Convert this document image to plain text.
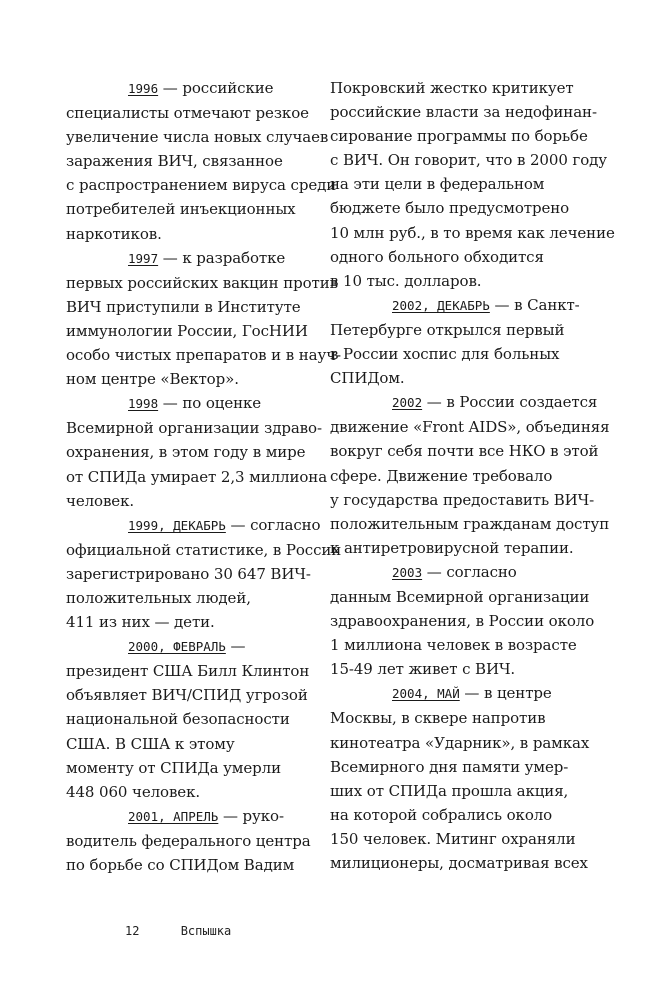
1996 — российские
специалисты отмечают резкое
увеличение числа новых случаев
заражения ВИЧ, связанное
с распространением вируса среди
потребителей инъекционных
наркотиков.
1997 — к разработке
первых российских вакцин против
ВИЧ приступили в Институте
иммунологии России, ГосНИИ
особо чистых препаратов и в науч-
ном центре «Вектор».
1998 — по оценке
Всемирной организации здраво-
охранения, в этом году в мире
от СПИДа умирает 2,3 миллиона
человек.
1999, ДЕКАБРЬ — согласно
официальной статистике, в России
зарегистрировано 30 647 ВИЧ-
положительных людей,
411 из них — дети.
2000, ФЕВРАЛЬ —
президент США Билл Клинтон
объявляет ВИЧ/СПИД угрозой
национальной безопасности
США. В США к этому
моменту от СПИДа умерли
448 060 человек.
2001, АПРЕЛЬ — руко-
водитель федерального центра
по борьбе со СПИДом Вадим
Покровский жестко критикует
российские власти за недофинан-
сирование программы по борьбе
с ВИЧ. Он говорит, что в 2000 году
на эти цели в федеральном
бюджете было предусмотрено
10 млн руб., в то время как лечение
одного больного обходится
в 10 тыс. долларов.
2002, ДЕКАБРЬ — в Санкт-
Петербурге открылся первый
в России хоспис для больных
СПИДом.
2002 — в России создается
движение «Front AIDS», объединяя
вокруг себя почти все НКО в этой
сфере. Движение требовало
у государства предоставить ВИЧ-
положительным гражданам доступ
к антиретровирусной терапии.
2003 — согласно
данным Всемирной организации
здравоохранения, в России около
1 миллиона человек в возрасте
15-49 лет живет с ВИЧ.
2004, МАЙ — в центре
Москвы, в сквере напротив
кинотеатра «Ударник», в рамках
Всемирного дня памяти умер-
ших от СПИДа прошла акция,
на которой собрались около
150 человек. Митинг охраняли
милиционеры, досматривая всех
12	Вспышка
